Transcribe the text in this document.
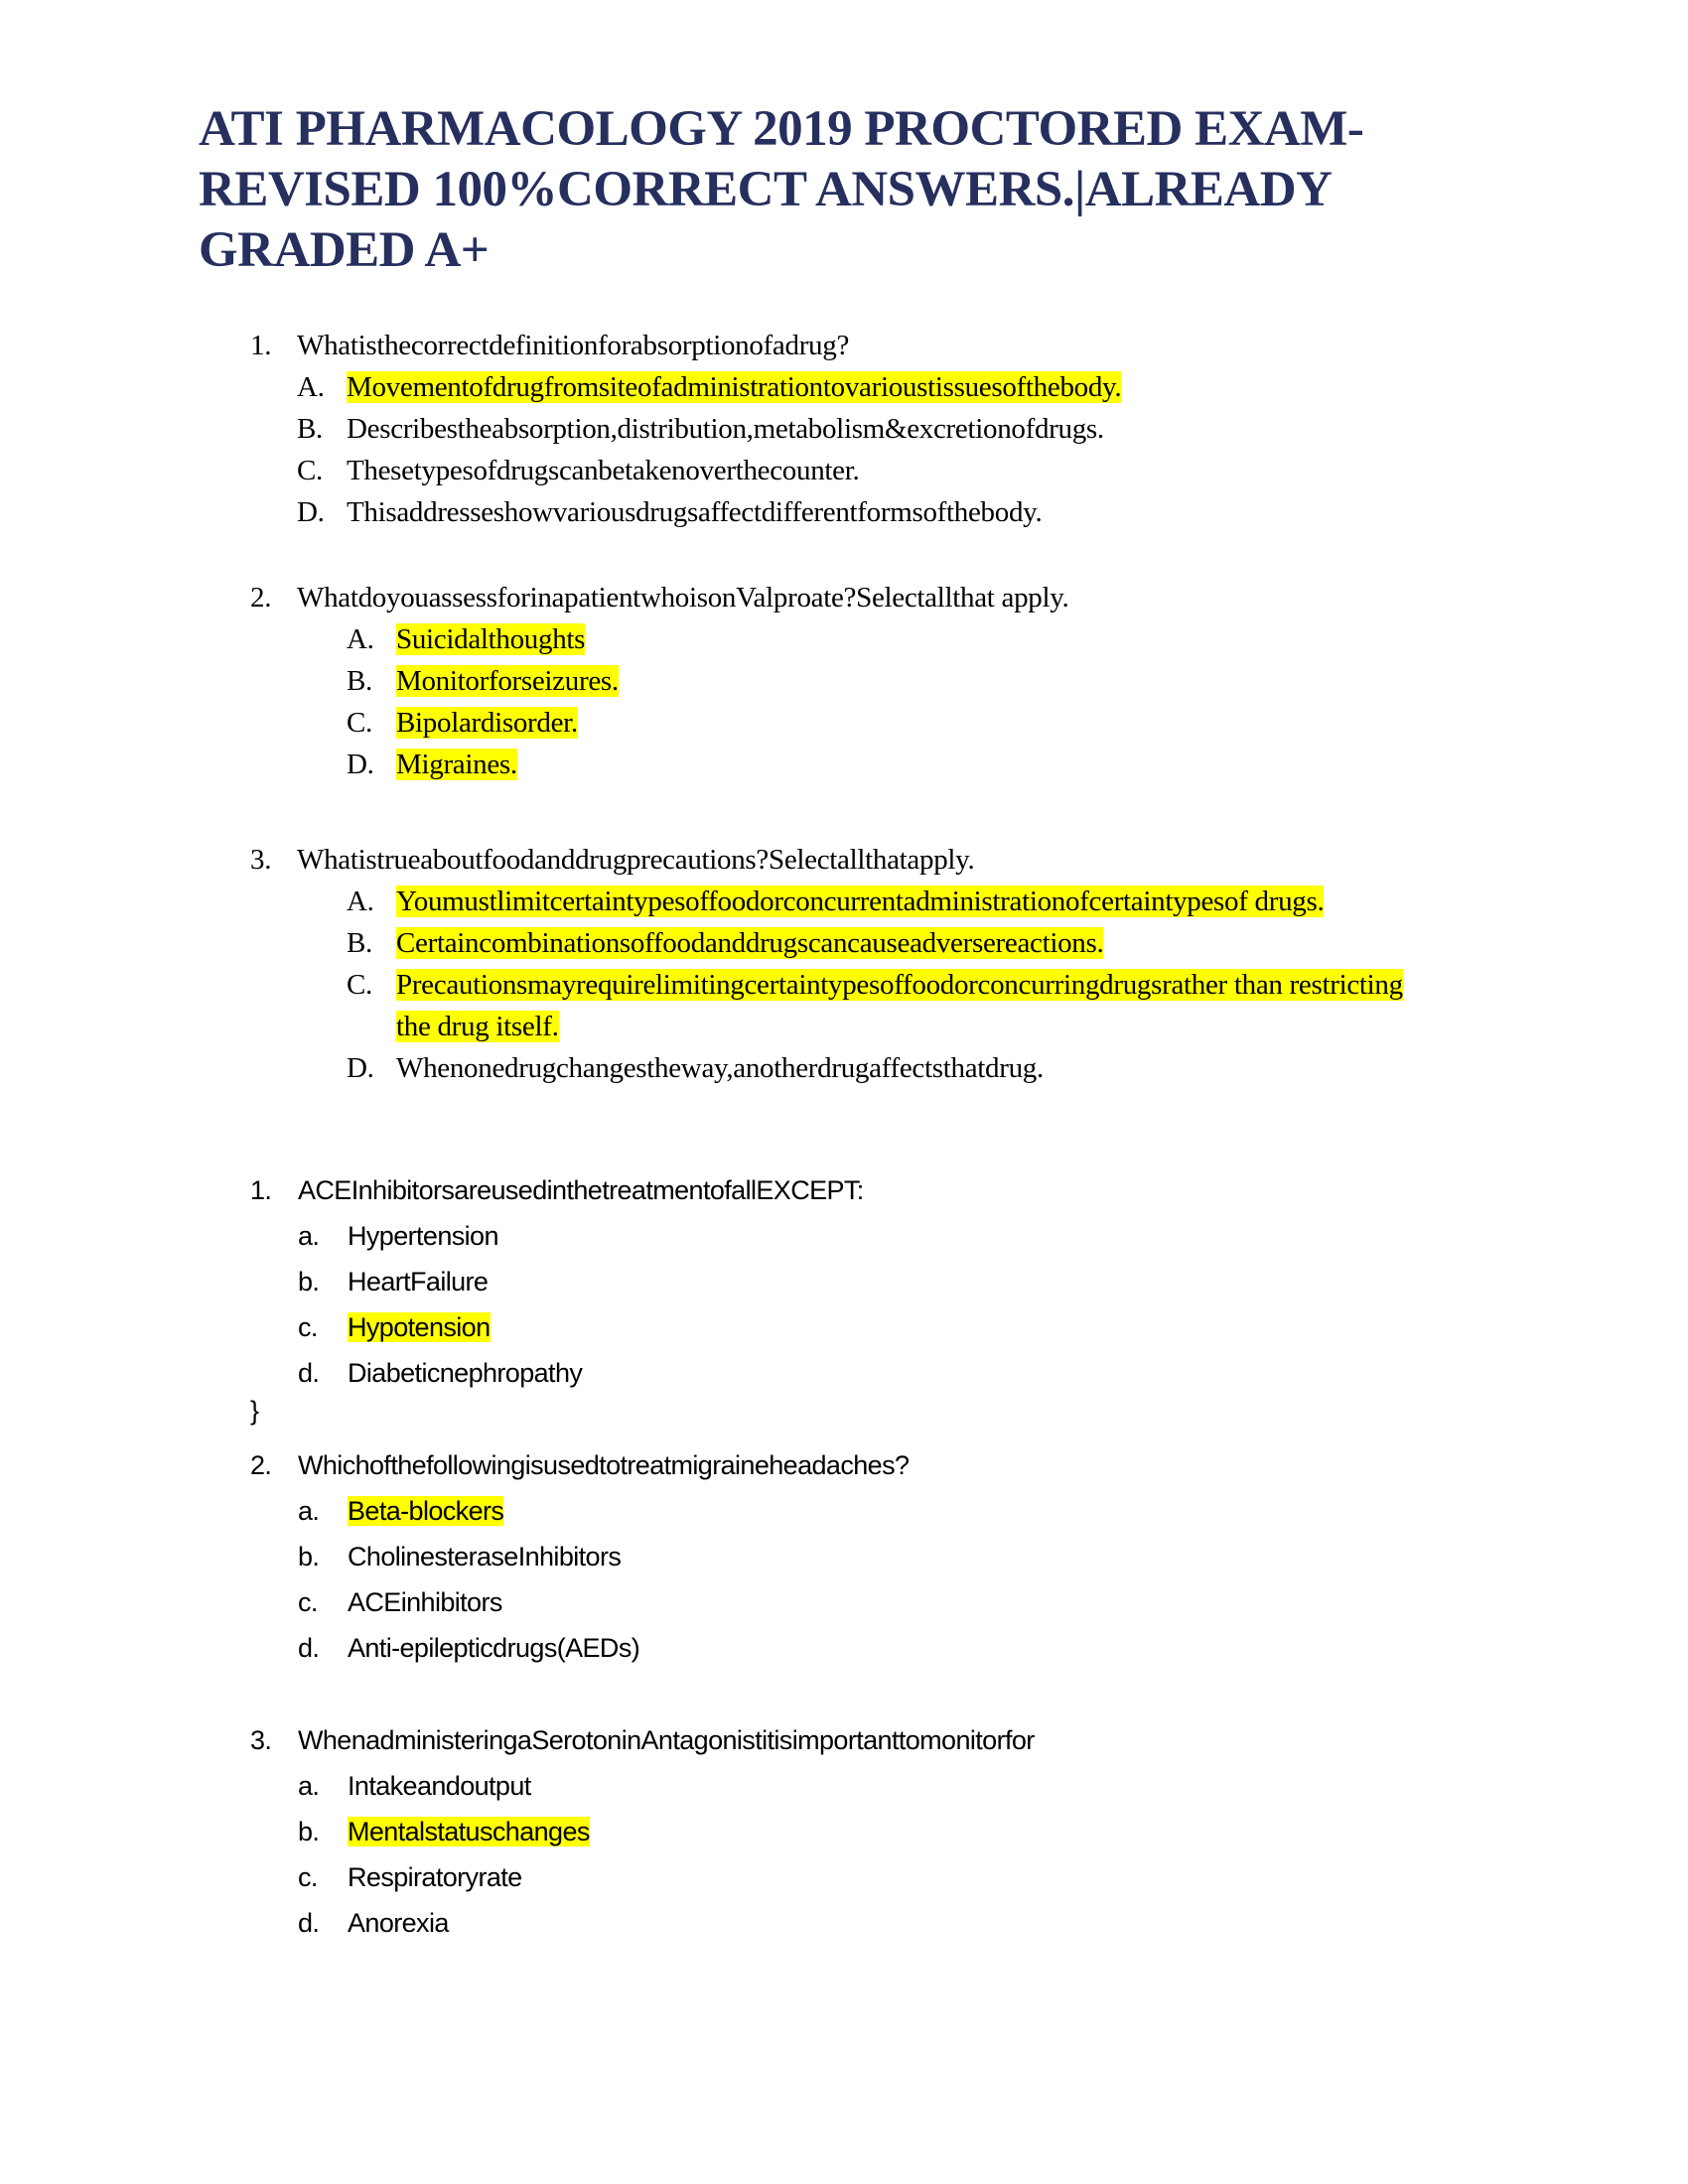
ATI PHARMACOLOGY 2019 PROCTORED EXAM- REVISED 100%CORRECT ANSWERS.|ALREADY GRADED A+
1. Whatisthecorrectdefinitionforabsorptionofadrug?
A. Movementofdrugfromsiteofadministrationtovarioustissuesofthebody.
B. Describestheabsorption,distribution,metabolism&excretionofdrugs.
C. Thesetypesofdrugscanbetakenoverthecounter.
D. Thisaddresseshowvariousdrugsaffectdifferentformsofthebody.
2. WhatdoyouassessforinapatientwhoisonValproate?Selectallthat apply.
A. Suicidalthoughts
B. Monitorforseizures.
C. Bipolardisorder.
D. Migraines.
3. Whatistrueaboutfoodanddrugprecautions?Selectallthatapply.
A. Youmustlimitcertaintypesoffoodorconcurrentadministrationofcertaintypesof drugs.
B. Certaincombinationsoffoodanddrugscancauseadversereactions.
C. Precautionsmayrequirelimitingcertaintypesoffoodorconcurringdrugsrather than restricting the drug itself.
D. Whenonedrugchangestheway,anotherdrugaffectsthatdrug.
1. ACEInhibitorsareusedinthetreatmentofallEXCEPT:
a.	Hypertension
b.	HeartFailure
c.	Hypotension
d.	Diabeticnephropathy
}
2. Whichofthefollowingisusedtotreatmigraineheadaches?
a.	Beta-blockers
b.	CholinesteraseInhibitors
c.	ACEinhibitors
d.	Anti-epilepticdrugs(AEDs)
3. WhenadministeringaSerotoninAntagonistitisimportanttomonitorfor
a.	Intakeandoutput
b.	Mentalstatuschanges
c.	Respiratoryrate
d.	Anorexia
